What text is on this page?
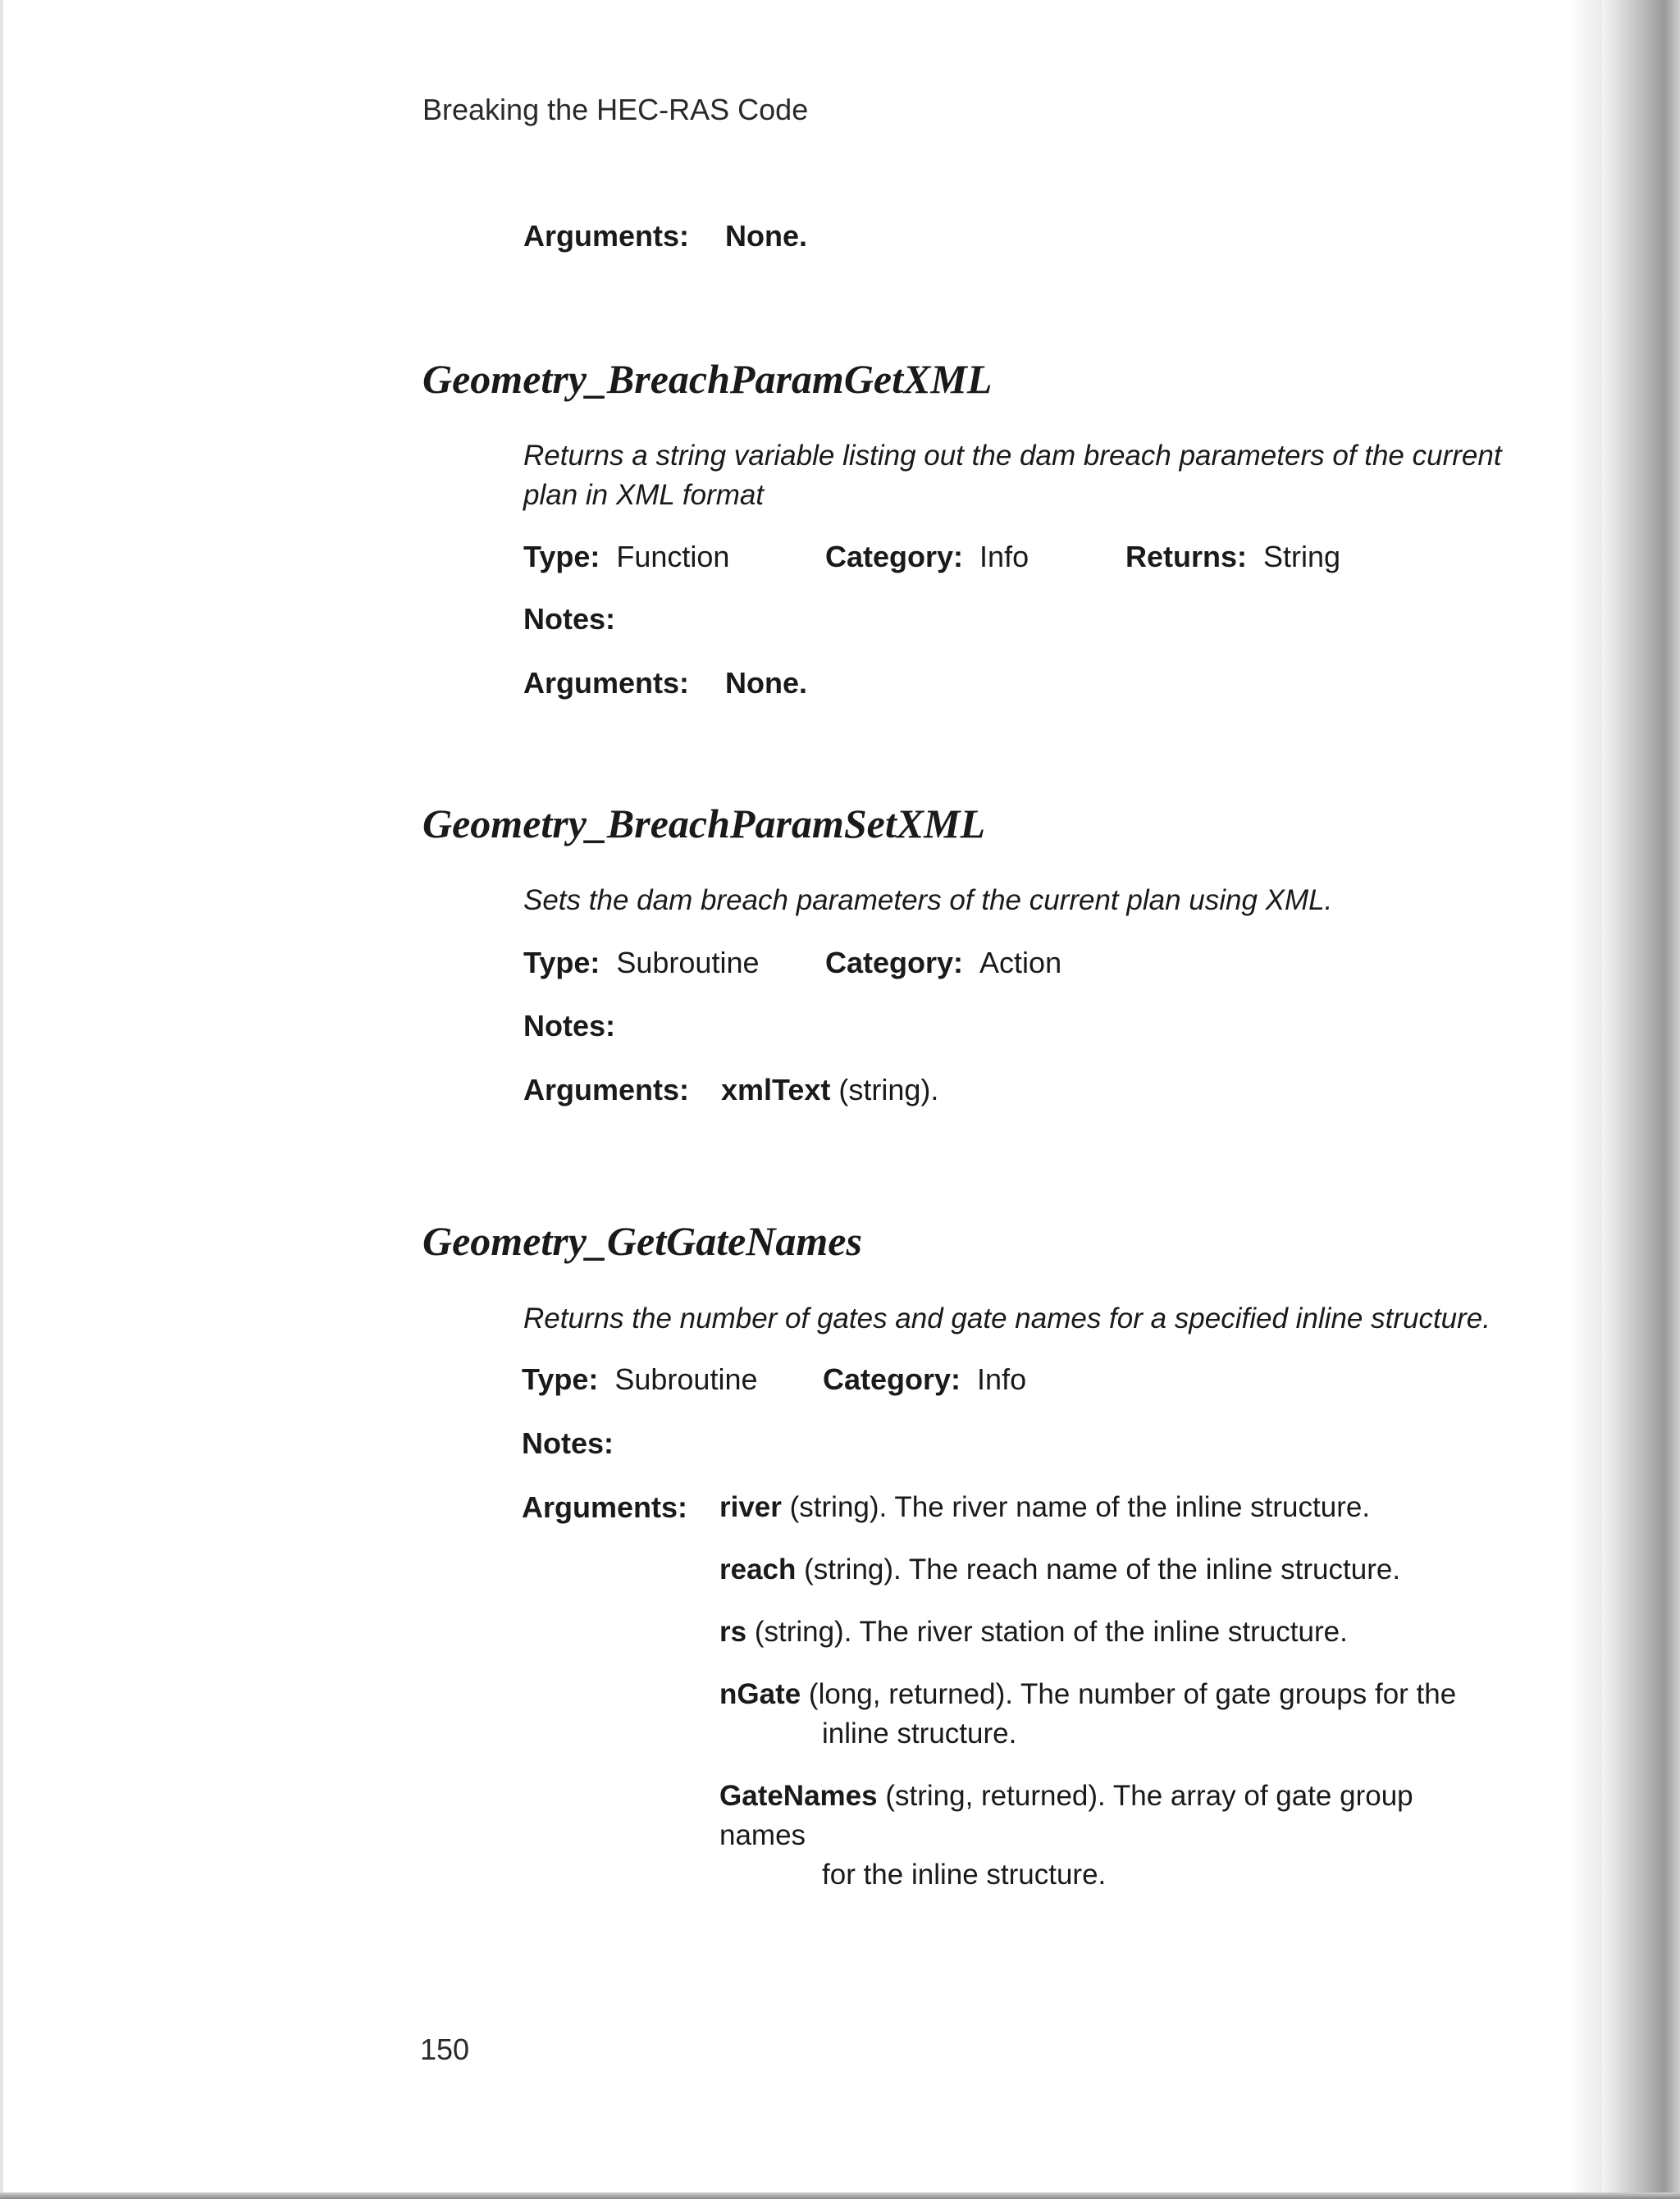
Breaking the HEC-RAS Code
Arguments: None.
Geometry_BreachParamGetXML
Returns a string variable listing out the dam breach parameters of the current plan in XML format
Type: Function	Category: Info	Returns: String
Notes:
Arguments: None.
Geometry_BreachParamSetXML
Sets the dam breach parameters of the current plan using XML.
Type: Subroutine Category: Action
Notes:
Arguments: xmlText (string).
Geometry_GetGateNames
Returns the number of gates and gate names for a specified inline structure.
Type: Subroutine Category: Info
Notes:
Arguments: river (string). The river name of the inline structure.
reach (string). The reach name of the inline structure.
rs (string). The river station of the inline structure.
nGate (long, returned). The number of gate groups for the
inline structure.
GateNames (string, returned). The array of gate group names
for the inline structure.
150
